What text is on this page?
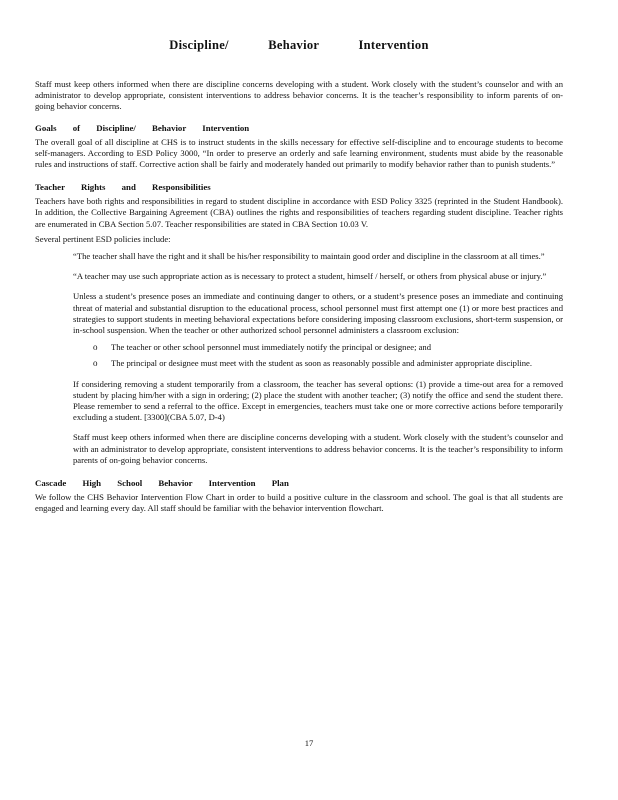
Discipline/ Behavior Intervention

Staff must keep others informed when there are discipline concerns developing with a student. Work closely with the student’s counselor and with an administrator to develop appropriate, consistent interventions to address behavior concerns. It is the teacher’s responsibility to inform parents of on-going behavior concerns.

Goals of Discipline/ Behavior Intervention

The overall goal of all discipline at CHS is to instruct students in the skills necessary for effective self-discipline and to encourage students to become self-managers. According to ESD Policy 3000, “In order to preserve an orderly and safe learning environment, students must abide by the reasonable rules and instructions of staff. Corrective action shall be fairly and moderately handed out primarily to modify behavior rather than to punish students.”

Teacher Rights and Responsibilities

Teachers have both rights and responsibilities in regard to student discipline in accordance with ESD Policy 3325 (reprinted in the Student Handbook). In addition, the Collective Bargaining Agreement (CBA) outlines the rights and responsibilities of teachers regarding student discipline. Teacher rights are enumerated in CBA Section 5.07. Teacher responsibilities are stated in CBA Section 10.03 V.

Several pertinent ESD policies include:

“The teacher shall have the right and it shall be his/her responsibility to maintain good order and discipline in the classroom at all times.”
“A teacher may use such appropriate action as is necessary to protect a student, himself / herself, or others from physical abuse or injury.”
Unless a student’s presence poses an immediate and continuing danger to others, or a student’s presence poses an immediate and continuing threat of material and substantial disruption to the educational process, school personnel must first attempt one (1) or more best practices and strategies to support students in meeting behavioral expectations before considering imposing classroom exclusions, short-term suspension, or in-school suspension. When the teacher or other authorized school personnel administers a classroom exclusion:
o The teacher or other school personnel must immediately notify the principal or designee; and
o The principal or designee must meet with the student as soon as reasonably possible and administer appropriate discipline.
If considering removing a student temporarily from a classroom, the teacher has several options: (1) provide a time-out area for a removed student by placing him/her with a sign in ordering; (2) place the student with another teacher; (3) notify the office and send the student there. Please remember to send a referral to the office. Except in emergencies, teachers must take one or more corrective actions before temporarily excluding a student. [3300](CBA 5.07, D-4)
Staff must keep others informed when there are discipline concerns developing with a student. Work closely with the student’s counselor and with an administrator to develop appropriate, consistent interventions to address behavior concerns. It is the teacher’s responsibility to inform parents of on-going behavior concerns.
Cascade High School Behavior Intervention Plan

We follow the CHS Behavior Intervention Flow Chart in order to build a positive culture in the classroom and school. The goal is that all students are engaged and learning every day. All staff should be familiar with the behavior intervention flowchart.

17
